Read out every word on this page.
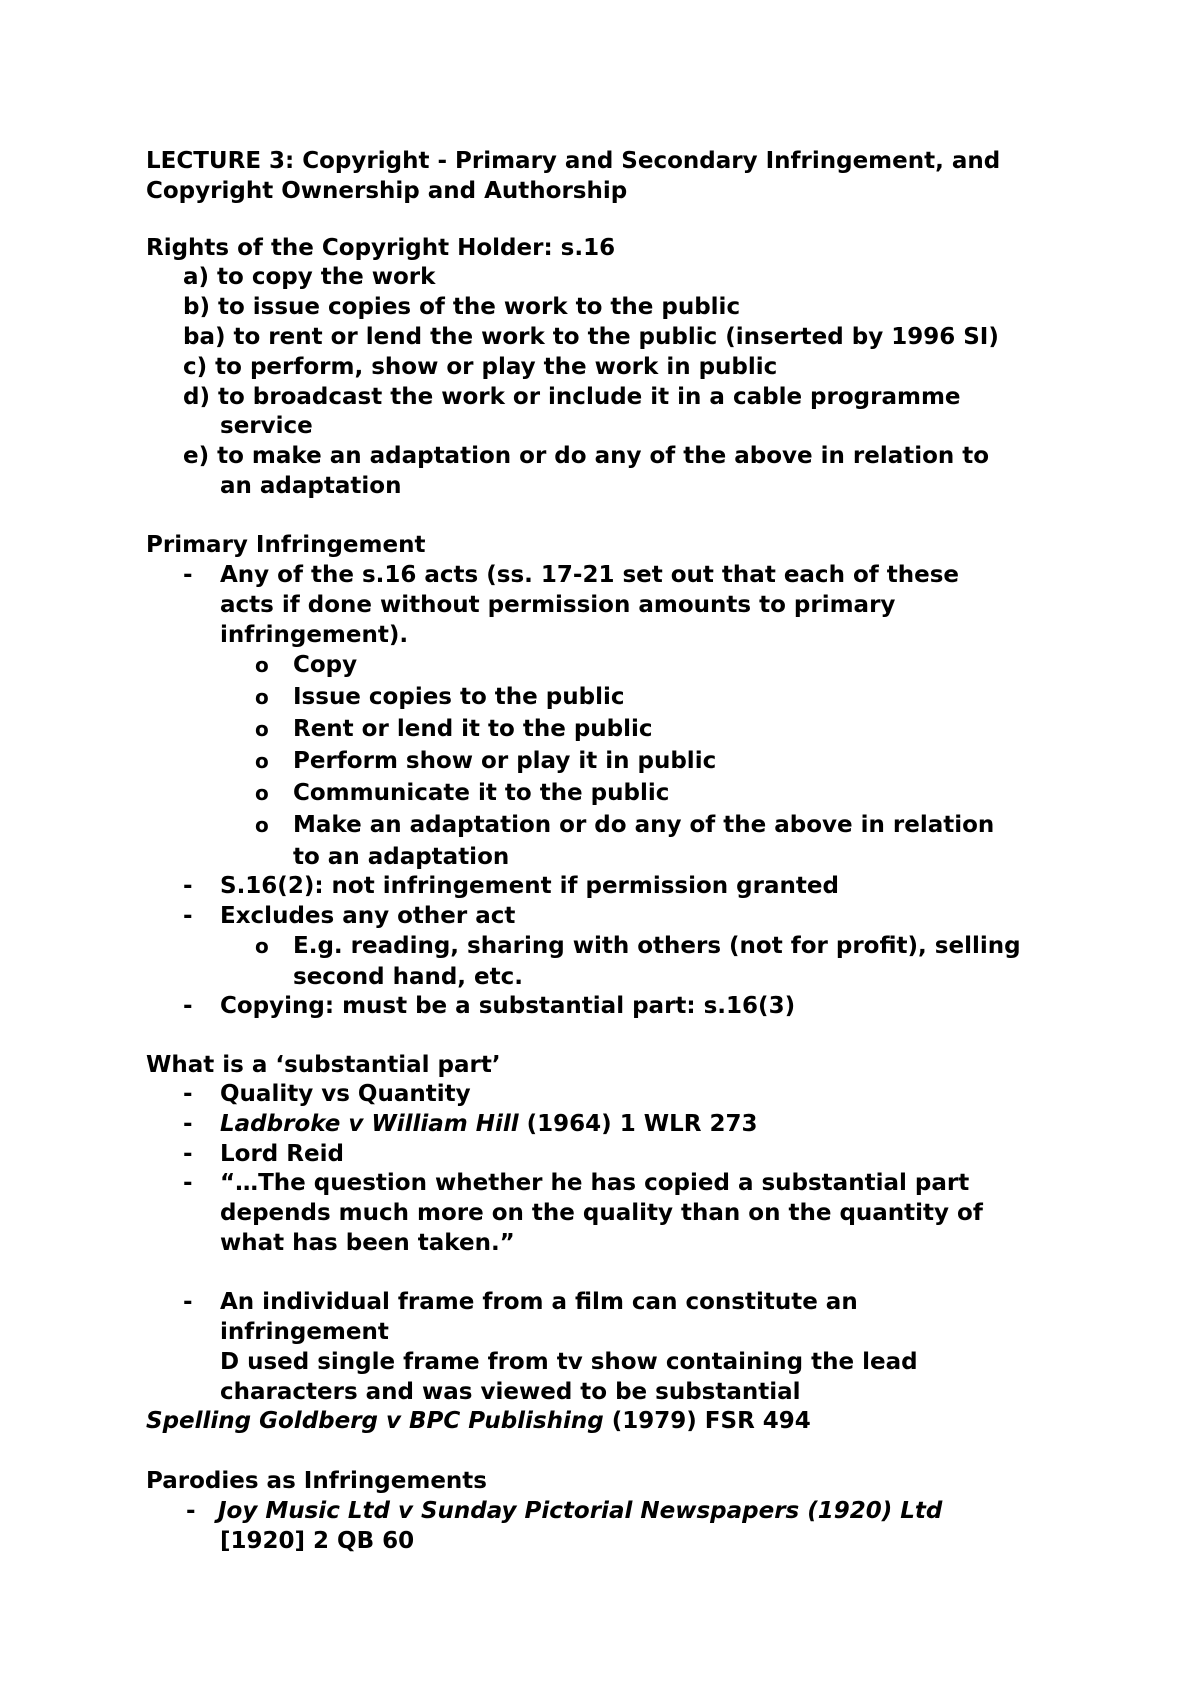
LECTURE 3: Copyright - Primary and Secondary Infringement, and

Copyright Ownership and Authorship

Rights of the Copyright Holder: s.16

a) to copy the work

b) to issue copies of the work to the public

ba) to rent or lend the work to the public (inserted by 1996 SI)

c) to perform, show or play the work in public

d) to broadcast the work or include it in a cable programme

service

e) to make an adaptation or do any of the above in relation to

an adaptation

Primary Infringement

- Any of the s.16 acts (ss. 17-21 set out that each of these

acts if done without permission amounts to primary

infringement).

o Copy

o Issue copies to the public

o Rent or lend it to the public

o Perform show or play it in public

o Communicate it to the public

o Make an adaptation or do any of the above in relation

to an adaptation

- S.16(2): not infringement if permission granted

- Excludes any other act

o E.g. reading, sharing with others (not for profit), selling

second hand, etc.

- Copying: must be a substantial part: s.16(3)

What is a ‘substantial part’

- Quality vs Quantity

- Ladbroke v William Hill (1964) 1 WLR 273

- Lord Reid

- “…The question whether he has copied a substantial part

depends much more on the quality than on the quantity of

what has been taken.”

- An individual frame from a film can constitute an

infringement

D used single frame from tv show containing the lead

characters and was viewed to be substantial

Spelling Goldberg v BPC Publishing (1979) FSR 494

Parodies as Infringements

- Joy Music Ltd v Sunday Pictorial Newspapers (1920) Ltd

[1920] 2 QB 60
